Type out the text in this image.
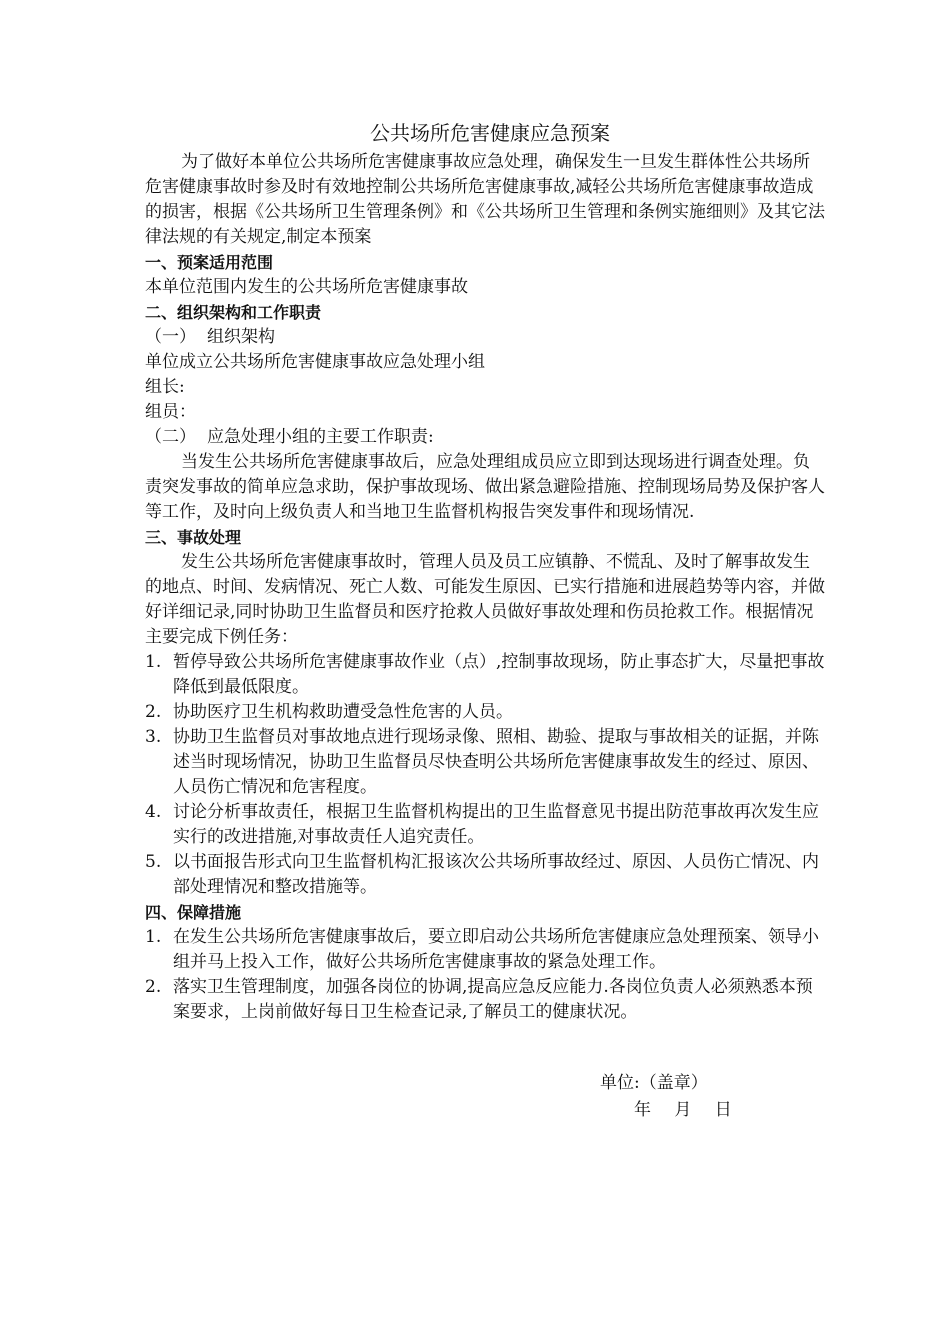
公共场所危害健康应急预案

为了做好本单位公共场所危害健康事故应急处理，确保发生一旦发生群体性公共场所危害健康事故时参及时有效地控制公共场所危害健康事故,减轻公共场所危害健康事故造成的损害，根据《公共场所卫生管理条例》和《公共场所卫生管理和条例实施细则》及其它法律法规的有关规定,制定本预案

一、预案适用范围

本单位范围内发生的公共场所危害健康事故

二、组织架构和工作职责

（一） 组织架构

单位成立公共场所危害健康事故应急处理小组

组长:

组员：

（二） 应急处理小组的主要工作职责:

当发生公共场所危害健康事故后，应急处理组成员应立即到达现场进行调查处理。负责突发事故的简单应急求助，保护事故现场、做出紧急避险措施、控制现场局势及保护客人等工作，及时向上级负责人和当地卫生监督机构报告突发事件和现场情况.

三、事故处理

发生公共场所危害健康事故时，管理人员及员工应镇静、不慌乱、及时了解事故发生的地点、时间、发病情况、死亡人数、可能发生原因、已实行措施和进展趋势等内容，并做好详细记录,同时协助卫生监督员和医疗抢救人员做好事故处理和伤员抢救工作。根据情况主要完成下例任务：

1. 暂停导致公共场所危害健康事故作业（点）,控制事故现场，防止事态扩大，尽量把事故降低到最低限度。
2. 协助医疗卫生机构救助遭受急性危害的人员。
3. 协助卫生监督员对事故地点进行现场录像、照相、勘验、提取与事故相关的证据，并陈述当时现场情况，协助卫生监督员尽快查明公共场所危害健康事故发生的经过、原因、人员伤亡情况和危害程度。
4. 讨论分析事故责任，根据卫生监督机构提出的卫生监督意见书提出防范事故再次发生应实行的改进措施,对事故责任人追究责任。
5. 以书面报告形式向卫生监督机构汇报该次公共场所事故经过、原因、人员伤亡情况、内部处理情况和整改措施等。

四、保障措施

1. 在发生公共场所危害健康事故后，要立即启动公共场所危害健康应急处理预案、领导小组并马上投入工作，做好公共场所危害健康事故的紧急处理工作。
2. 落实卫生管理制度，加强各岗位的协调,提高应急反应能力.各岗位负责人必须熟悉本预案要求，上岗前做好每日卫生检查记录,了解员工的健康状况。
单位:（盖章）
年 月 日
